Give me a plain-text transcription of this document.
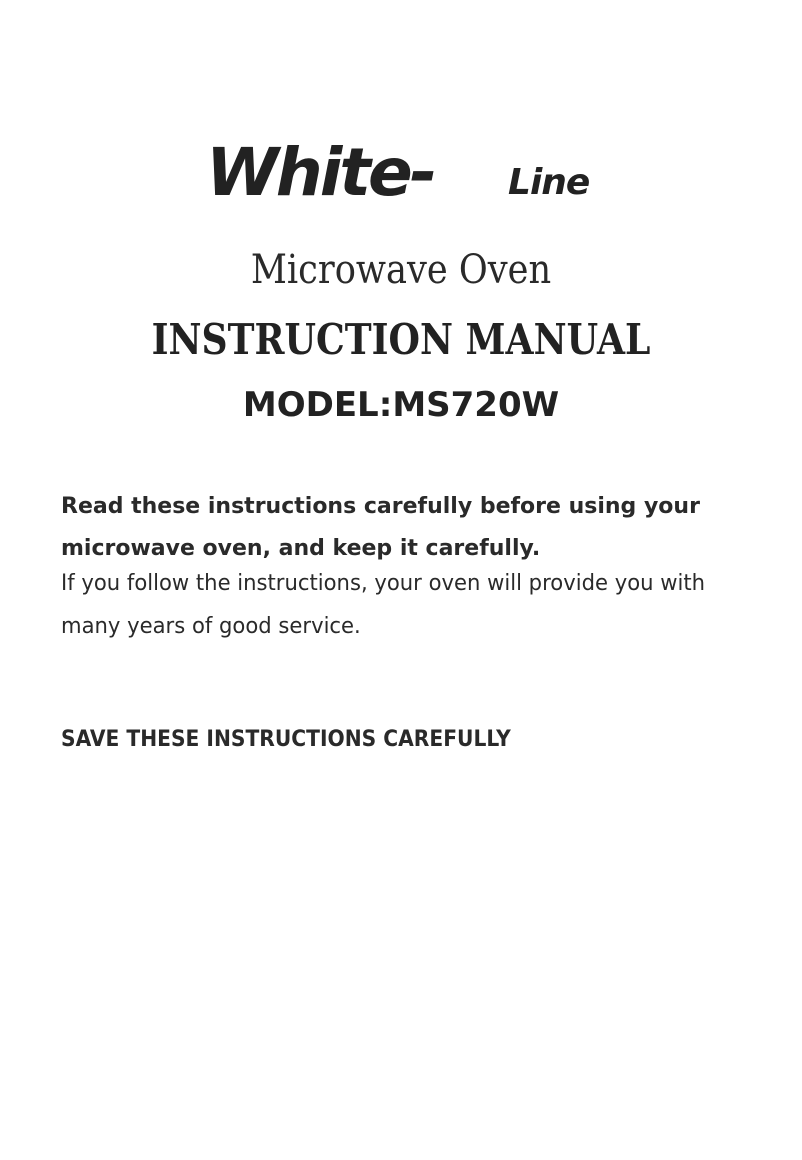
White- Line
Microwave Oven
INSTRUCTION MANUAL
MODEL:MS720W

Read these instructions carefully before using your

microwave oven, and keep it carefully.

If you follow the instructions, your oven will provide you with many years of good service.

SAVE THESE INSTRUCTIONS CAREFULLY
